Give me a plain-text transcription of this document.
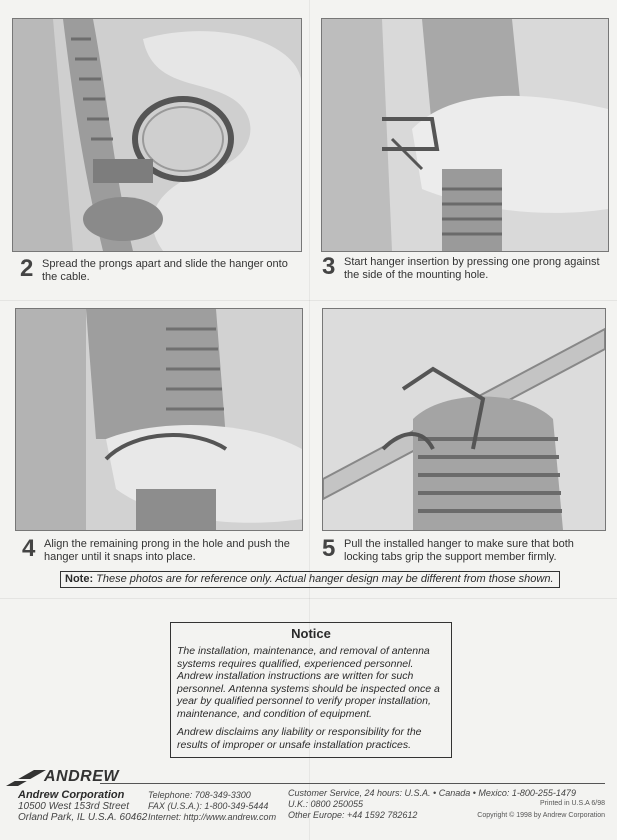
2 Spread the prongs apart and slide the hanger onto the cable.	3 Start hanger insertion by pressing one prong against the side of the mounting hole.
4 Align the remaining prong in the hole and push the hanger until it snaps into place.	5 Pull the installed hanger to make sure that both locking tabs grip the support member firmly.
Note: These photos are for reference only. Actual hanger design may be different from those shown.
Notice

The installation, maintenance, and removal of antenna systems requires qualified, experienced personnel. Andrew installation instructions are written for such personnel. Antenna systems should be inspected once a year by qualified personnel to verify proper installation, maintenance, and condition of equipment.

Andrew disclaims any liability or responsibility for the results of improper or unsafe installation practices.

ANDREW
Andrew Corporation
10500 West 153rd Street
Orland Park, IL U.S.A. 60462
Telephone: 708-349-3300
FAX (U.S.A.): 1-800-349-5444
Internet: http://www.andrew.com
Customer Service, 24 hours: U.S.A. • Canada • Mexico: 1-800-255-1479
U.K.: 0800 250055
Other Europe: +44 1592 782612
Printed in U.S.A 6/98
Copyright © 1998 by Andrew Corporation
